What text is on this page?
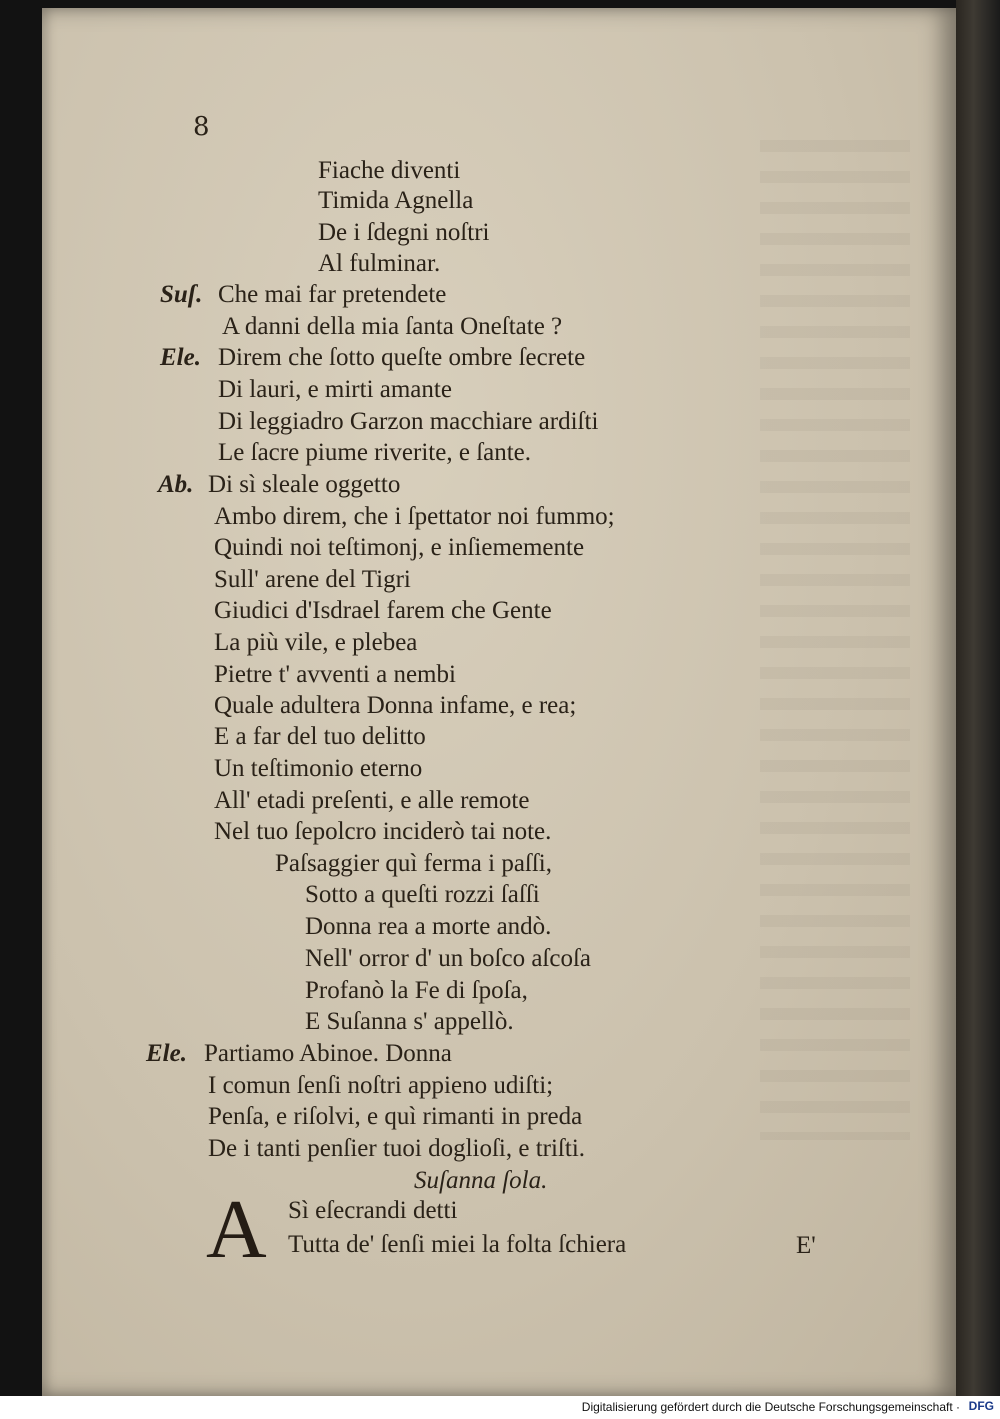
8
Fiache diventi
Timida Agnella
De i ſdegni noſtri
Al fulminar.
Suſ. Che mai far pretendete
A danni della mia ſanta Oneſtate ?
Ele. Direm che ſotto queſte ombre ſecrete
Di lauri, e mirti amante
Di leggiadro Garzon macchiare ardiſti
Le ſacre piume riverite, e ſante.
Ab. Di sì sleale oggetto
Ambo direm, che i ſpettator noi fummo;
Quindi noi teſtimonj, e inſiememente
Sull' arene del Tigri
Giudici d'Isdrael farem che Gente
La più vile, e plebea
Pietre t' avventi a nembi
Quale adultera Donna infame, e rea;
E a far del tuo delitto
Un teſtimonio eterno
All' etadi preſenti, e alle remote
Nel tuo ſepolcro inciderò tai note.
Paſsaggier quì ferma i paſſi,
Sotto a queſti rozzi ſaſſi
Donna rea a morte andò.
Nell' orror d' un boſco aſcoſa
Profanò la Fe di ſpoſa,
E Suſanna s' appellò.
Ele. Partiamo Abinoe. Donna
I comun ſenſi noſtri appieno udiſti;
Penſa, e riſolvi, e quì rimanti in preda
De i tanti penſier tuoi doglioſi, e triſti.
Suſanna ſola.
A Sì eſecrandi detti
Tutta de' ſenſi miei la folta ſchiera	E'
Digitalisierung gefördert durch die Deutsche Forschungsgemeinschaft · DFG
